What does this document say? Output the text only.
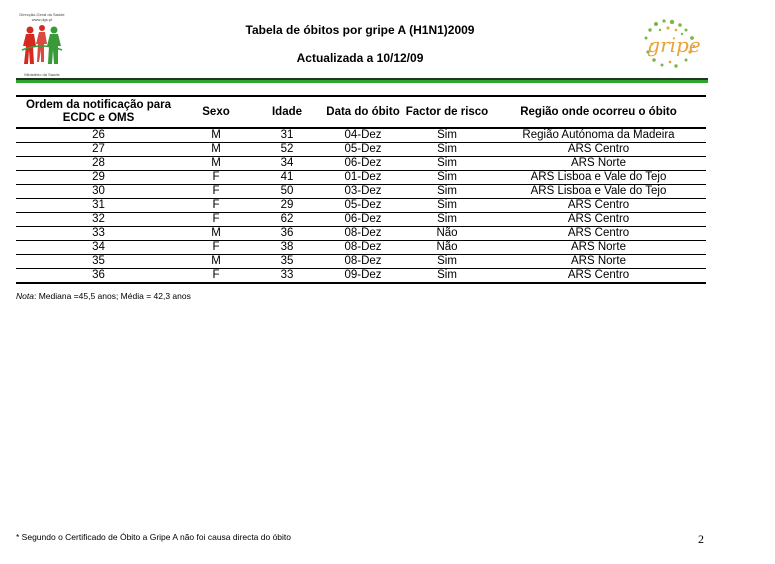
Direcção-Geral da Saúde
www.dgs.pt
Ministério da Saúde
Tabela de óbitos por gripe A (H1N1)2009
Actualizada a 10/12/09
gripe
Ordem da notificação para ECDC e OMS	Sexo	Idade	Data do óbito	Factor de risco	Região onde ocorreu o óbito
26	M	31	04-Dez	Sim	Região Autónoma da Madeira
27	M	52	05-Dez	Sim	ARS Centro
28	M	34	06-Dez	Sim	ARS Norte
29	F	41	01-Dez	Sim	ARS Lisboa e Vale do Tejo
30	F	50	03-Dez	Sim	ARS Lisboa e Vale do Tejo
31	F	29	05-Dez	Sim	ARS Centro
32	F	62	06-Dez	Sim	ARS Centro
33	M	36	08-Dez	Não	ARS Centro
34	F	38	08-Dez	Não	ARS Norte
35	M	35	08-Dez	Sim	ARS Norte
36	F	33	09-Dez	Sim	ARS Centro
Nota: Mediana =45,5 anos; Média = 42,3 anos
* Segundo o Certificado de Óbito a Gripe A não foi causa directa do óbito	2
